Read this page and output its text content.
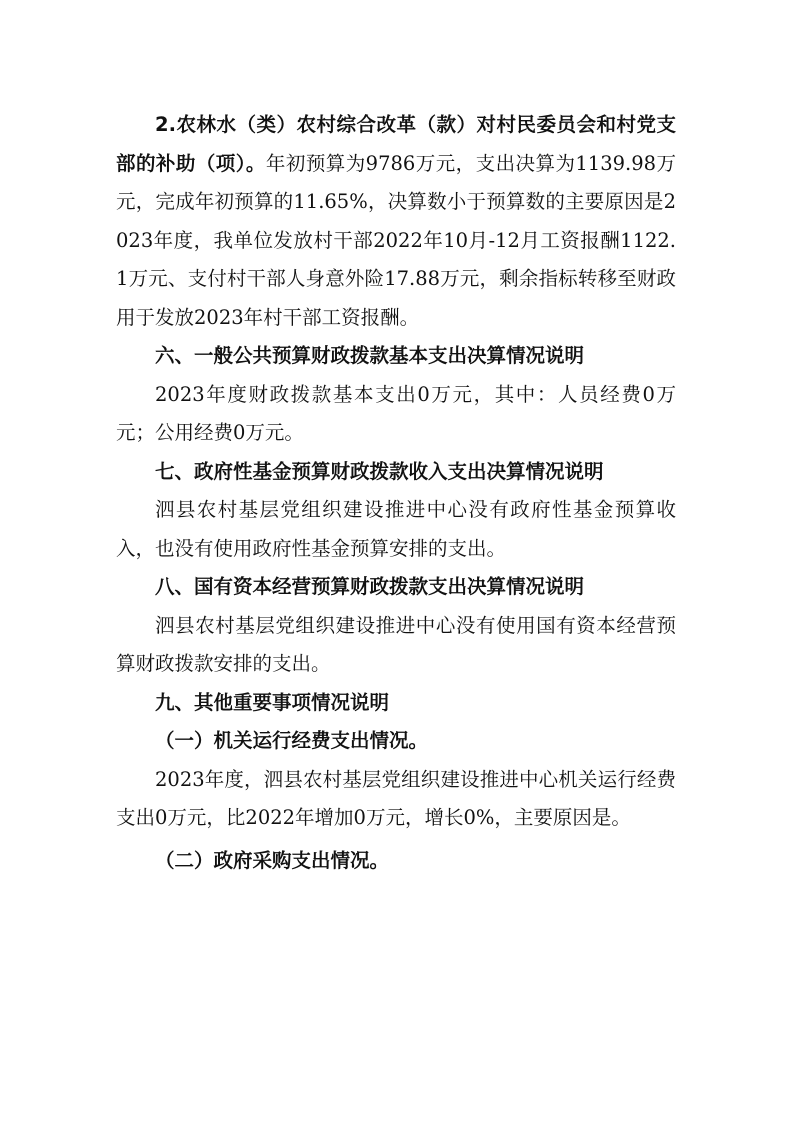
2.农林水（类）农村综合改革（款）对村民委员会和村党支部的补助（项）。年初预算为9786万元，支出决算为1139.98万元，完成年初预算的11.65%，决算数小于预算数的主要原因是2023年度，我单位发放村干部2022年10月-12月工资报酬1122.1万元、支付村干部人身意外险17.88万元，剩余指标转移至财政用于发放2023年村干部工资报酬。

六、一般公共预算财政拨款基本支出决算情况说明

2023年度财政拨款基本支出0万元，其中：人员经费0万元；公用经费0万元。

七、政府性基金预算财政拨款收入支出决算情况说明

泗县农村基层党组织建设推进中心没有政府性基金预算收入，也没有使用政府性基金预算安排的支出。

八、国有资本经营预算财政拨款支出决算情况说明

泗县农村基层党组织建设推进中心没有使用国有资本经营预算财政拨款安排的支出。

九、其他重要事项情况说明

（一）机关运行经费支出情况。

2023年度，泗县农村基层党组织建设推进中心机关运行经费支出0万元，比2022年增加0万元，增长0%，主要原因是。

（二）政府采购支出情况。
